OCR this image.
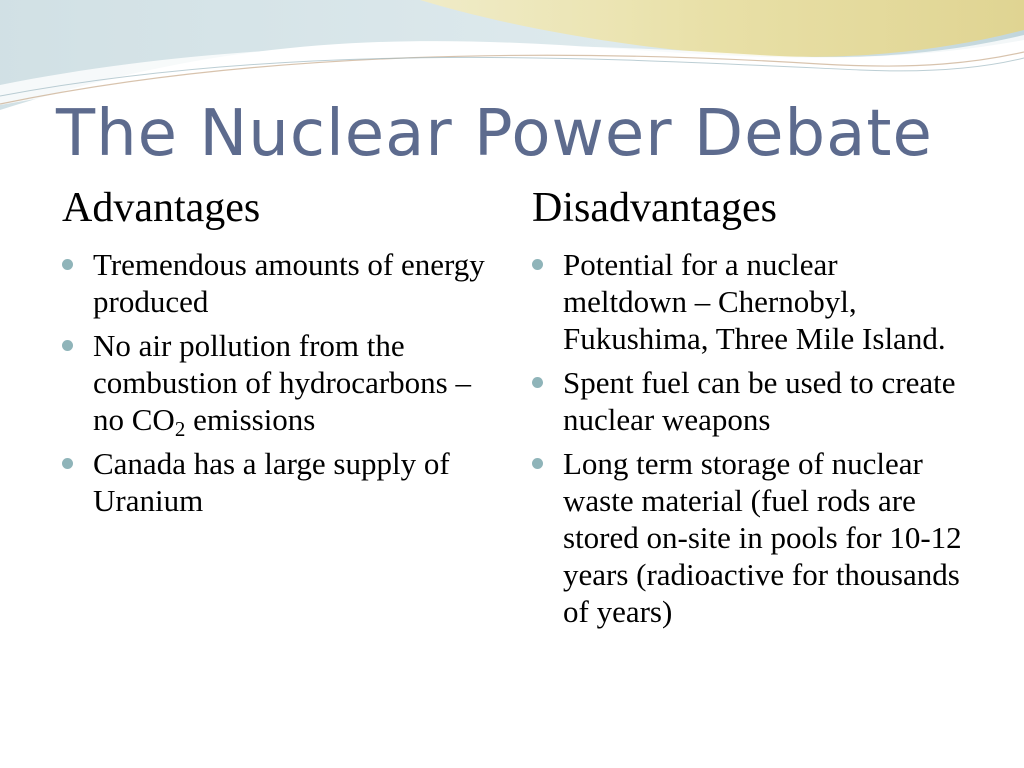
The Nuclear Power Debate
Advantages
Tremendous amounts of energy produced
No air pollution from the combustion of hydrocarbons – no $CO_2$ emissions
Canada has a large supply of Uranium
Disadvantages
Potential for a nuclear meltdown – Chernobyl, Fukushima, Three Mile Island.
Spent fuel can be used to create nuclear weapons
Long term storage of nuclear waste material (fuel rods are stored on-site in pools for 10-12 years (radioactive for thousands of years)
